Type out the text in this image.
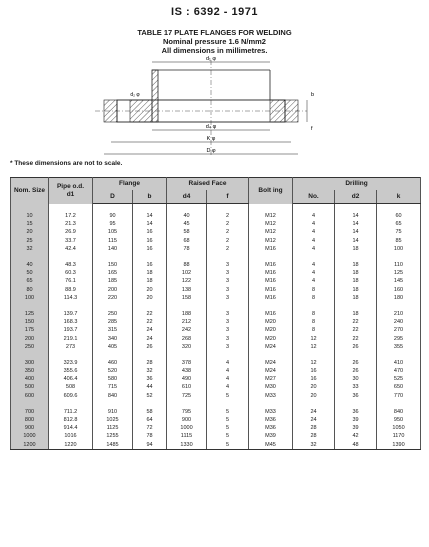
IS : 6392 - 1971
TABLE 17 PLATE FLANGES FOR WELDING
Nominal pressure 1.6 N/mm2
All dimensions in millimetres.
d₁ φ
d₄ φ
K φ
D φ
d₂ φ	b
f
* These dimensions are not to scale.
Nom. Size	Pipe o.d.
d1	Flange		Raised Face		Bolt ing	Drilling		
		D	b	d4	f		No.	d2	k

10	17.2	90	14	40	2	M12	4	14	60
15	21.3	95	14	45	2	M12	4	14	65
20	26.9	105	16	58	2	M12	4	14	75
25	33.7	115	16	68	2	M12	4	14	85
32	42.4	140	16	78	2	M16	4	18	100

40	48.3	150	16	88	3	M16	4	18	110
50	60.3	165	18	102	3	M16	4	18	125
65	76.1	185	18	122	3	M16	4	18	145
80	88.9	200	20	138	3	M16	8	18	160
100	114.3	220	20	158	3	M16	8	18	180

125	139.7	250	22	188	3	M16	8	18	210
150	168.3	285	22	212	3	M20	8	22	240
175	193.7	315	24	242	3	M20	8	22	270
200	219.1	340	24	268	3	M20	12	22	295
250	273	405	26	320	3	M24	12	26	355

300	323.9	460	28	378	4	M24	12	26	410
350	355.6	520	32	438	4	M24	16	26	470
400	406.4	580	36	490	4	M27	16	30	525
500	508	715	44	610	4	M30	20	33	650
600	609.6	840	52	725	5	M33	20	36	770

700	711.2	910	58	795	5	M33	24	36	840
800	812.8	1025	64	900	5	M36	24	39	950
900	914.4	1125	72	1000	5	M36	28	39	1050
1000	1016	1255	78	1115	5	M39	28	42	1170
1200	1220	1485	94	1330	5	M45	32	48	1390
